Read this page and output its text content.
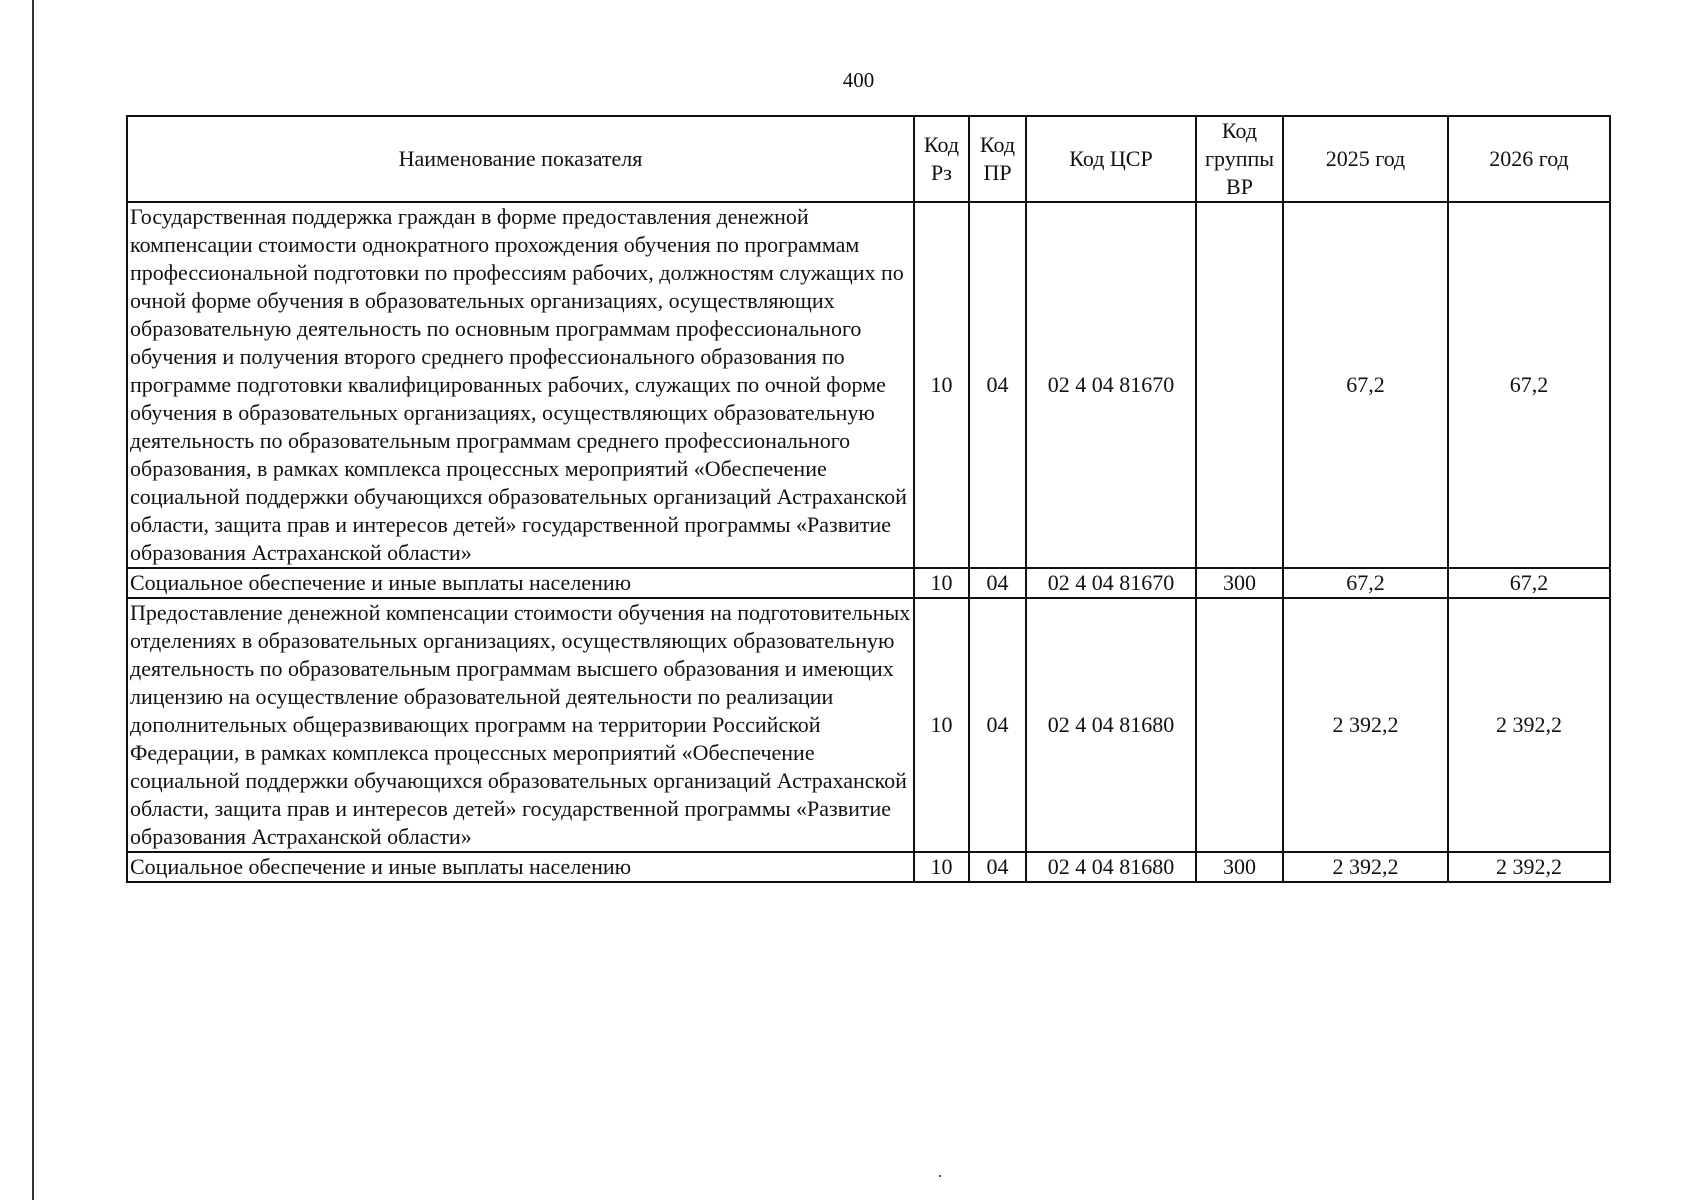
400
Наименование показателя	Код Рз	Код ПР	Код ЦСР	Код группы ВР	2025 год	2026 год
Государственная поддержка граждан в форме предоставления денежной компенсации стоимости однократного прохождения обучения по программам профессиональной подготовки по профессиям рабочих, должностям служащих по очной форме обучения в образовательных организациях, осуществляющих образовательную деятельность по основным программам профессионального обучения и получения второго среднего профессионального образования по программе подготовки квалифицированных рабочих, служащих по очной форме обучения в образовательных организациях, осуществляющих образовательную деятельность по образовательным программам среднего профессионального образования, в рамках комплекса процессных мероприятий «Обеспечение социальной поддержки обучающихся образовательных организаций Астраханской области, защита прав и интересов детей» государственной программы «Развитие образования Астраханской области»	10	04	02 4 04 81670		67,2	67,2
Социальное обеспечение и иные выплаты населению	10	04	02 4 04 81670	300	67,2	67,2
Предоставление денежной компенсации стоимости обучения на подготовительных отделениях в образовательных организациях, осуществляющих образовательную деятельность по образовательным программам высшего образования и имеющих лицензию на осуществление образовательной деятельности по реализации дополнительных общеразвивающих программ на территории Российской Федерации, в рамках комплекса процессных мероприятий «Обеспечение социальной поддержки обучающихся образовательных организаций Астраханской области, защита прав и интересов детей» государственной программы «Развитие образования Астраханской области»	10	04	02 4 04 81680		2 392,2	2 392,2
Социальное обеспечение и иные выплаты населению	10	04	02 4 04 81680	300	2 392,2	2 392,2
